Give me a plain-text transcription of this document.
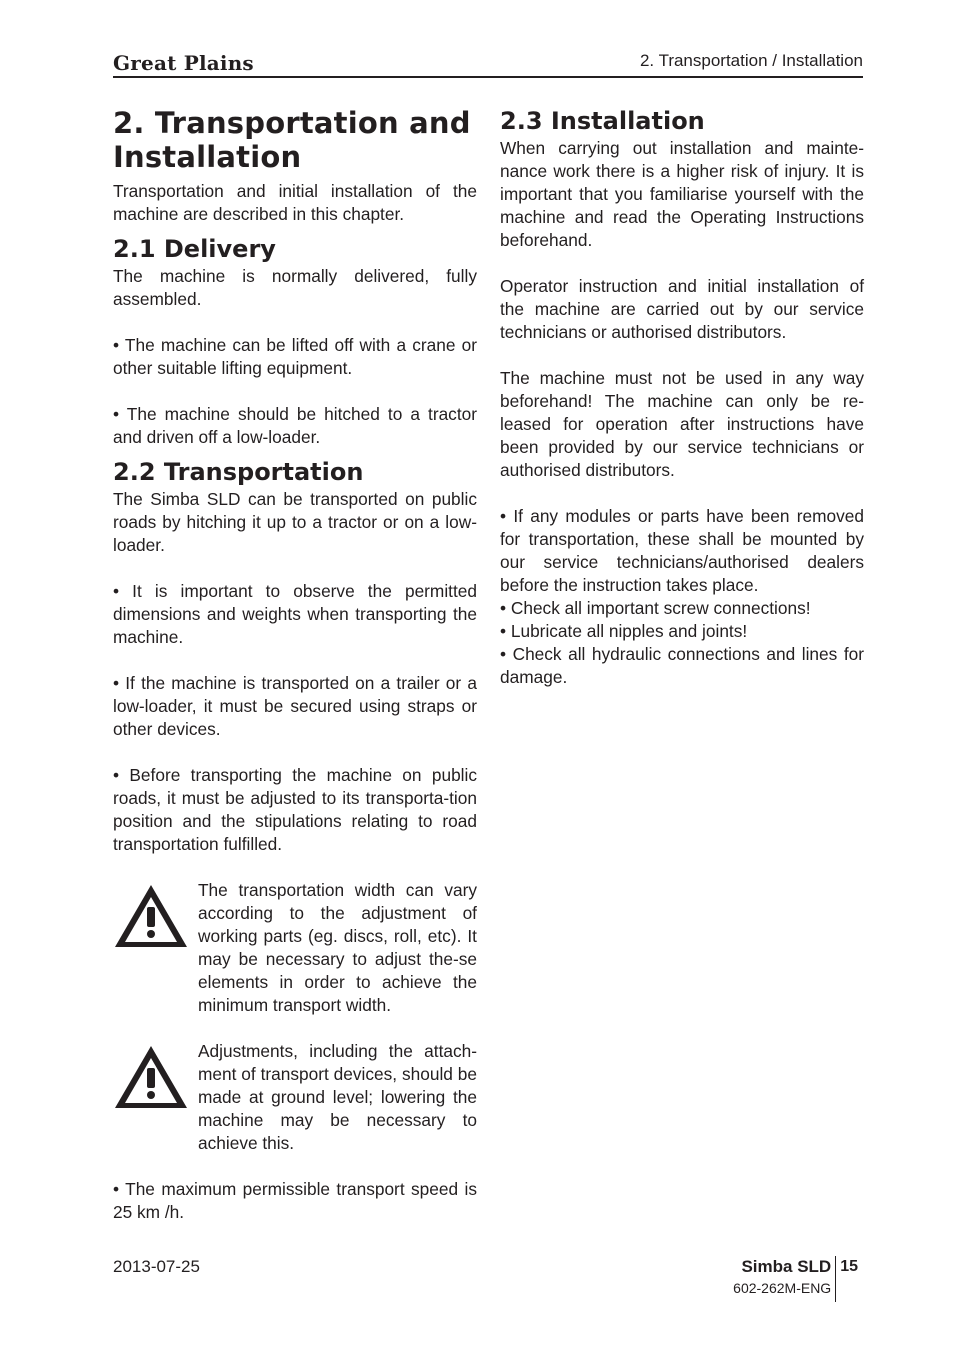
Great Plains	2. Transportation / Installation
2. Transportation and Installation

Transportation and initial installation of the machine are described in this chapter.

2.1 Delivery

The machine is normally delivered, fully assembled.

• The machine can be lifted off with a crane or other suitable lifting equipment.

• The machine should be hitched to a tractor and driven off a low-loader.

2.2 Transportation

The Simba SLD can be transported on public roads by hitching it up to a tractor or on a low-loader.

• It is important to observe the permitted dimensions and weights when transporting the machine.

• If the machine is transported on a trailer or a low-loader, it must be secured using straps or other devices.

• Before transporting the machine on public roads, it must be adjusted to its transporta-tion position and the stipulations relating to road transportation fulfilled.

The transportation width can vary according to the adjustment of working parts (eg. discs, roll, etc). It may be necessary to adjust the-se elements in order to achieve the minimum transport width.

Adjustments, including the attach-ment of transport devices, should be made at ground level; lowering the machine may be necessary to achieve this.

• The maximum permissible transport speed is 25 km /h.

2.3 Installation

When carrying out installation and mainte-nance work there is a higher risk of injury. It is important that you familiarise yourself with the machine and read the Operating Instructions beforehand.

Operator instruction and initial installation of the machine are carried out by our service technicians or authorised distributors.

The machine must not be used in any way beforehand! The machine can only be re-leased for operation after instructions have been provided by our service technicians or authorised distributors.

• If any modules or parts have been removed for transportation, these shall be mounted by our service technicians/authorised dealers before the instruction takes place.

• Check all important screw connections!

• Lubricate all nipples and joints!

• Check all hydraulic connections and lines for damage.

2013-07-25	Simba SLD
602-262M-ENG
15
